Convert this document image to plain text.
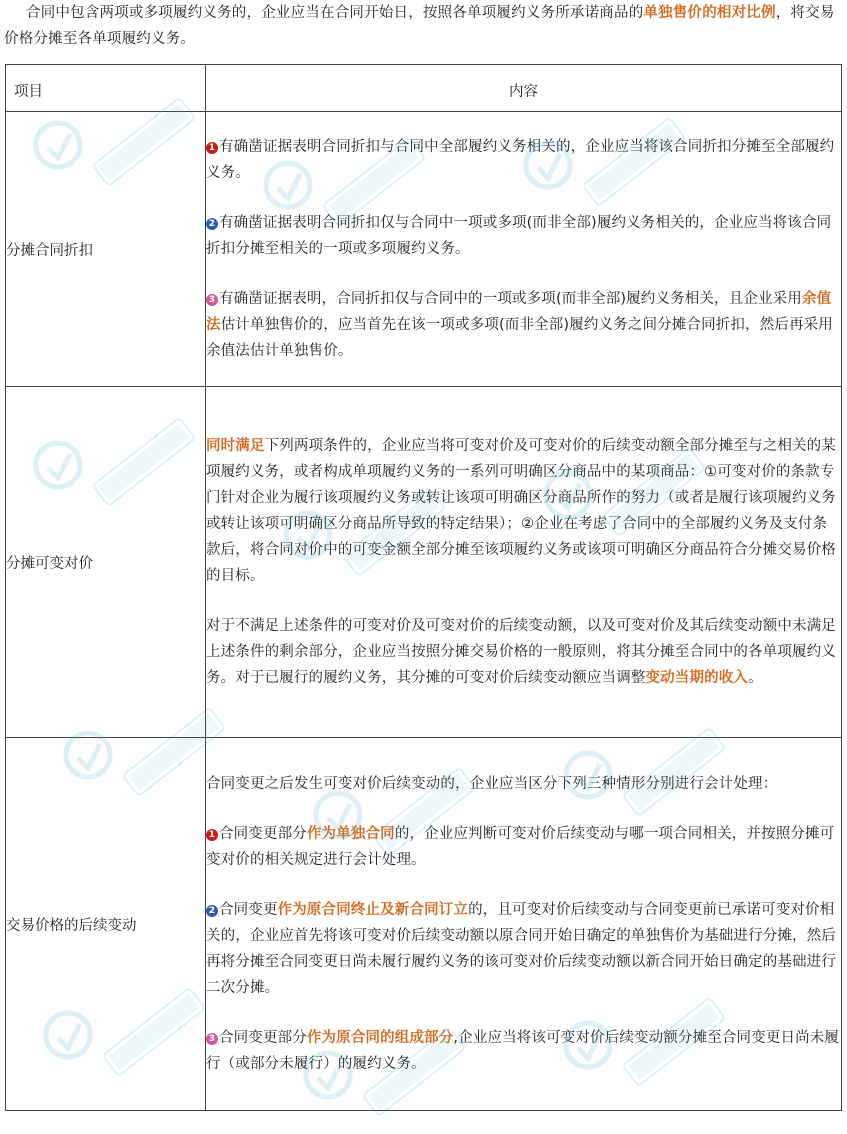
合同中包含两项或多项履约义务的，企业应当在合同开始日，按照各单项履约义务所承诺商品的单独售价的相对比例，将交易价格分摊至各单项履约义务。
项目	内容
分摊合同折扣	1 有确凿证据表明合同折扣与合同中全部履约义务相关的，企业应当将该合同折扣分摊至全部履约义务。

2 有确凿证据表明合同折扣仅与合同中一项或多项(而非全部)履约义务相关的，企业应当将该合同折扣分摊至相关的一项或多项履约义务。

3 有确凿证据表明，合同折扣仅与合同中的一项或多项(而非全部)履约义务相关，且企业采用余值法估计单独售价的，应当首先在该一项或多项(而非全部)履约义务之间分摊合同折扣，然后再采用余值法估计单独售价。

分摊可变对价	同时满足下列两项条件的，企业应当将可变对价及可变对价的后续变动额全部分摊至与之相关的某项履约义务，或者构成单项履约义务的一系列可明确区分商品中的某项商品：①可变对价的条款专门针对企业为履行该项履约义务或转让该项可明确区分商品所作的努力（或者是履行该项履约义务或转让该项可明确区分商品所导致的特定结果）；②企业在考虑了合同中的全部履约义务及支付条款后，将合同对价中的可变金额全部分摊至该项履约义务或该项可明确区分商品符合分摊交易价格的目标。

对于不满足上述条件的可变对价及可变对价的后续变动额，以及可变对价及其后续变动额中未满足上述条件的剩余部分，企业应当按照分摊交易价格的一般原则，将其分摊至合同中的各单项履约义务。对于已履行的履约义务，其分摊的可变对价后续变动额应当调整变动当期的收入。

交易价格的后续变动	合同变更之后发生可变对价后续变动的，企业应当区分下列三种情形分别进行会计处理：

1 合同变更部分作为单独合同的，企业应判断可变对价后续变动与哪一项合同相关，并按照分摊可变对价的相关规定进行会计处理。

2 合同变更作为原合同终止及新合同订立的，且可变对价后续变动与合同变更前已承诺可变对价相关的，企业应首先将该可变对价后续变动额以原合同开始日确定的单独售价为基础进行分摊，然后再将分摊至合同变更日尚未履行履约义务的该可变对价后续变动额以新合同开始日确定的基础进行二次分摊。

3 合同变更部分作为原合同的组成部分,企业应当将该可变对价后续变动额分摊至合同变更日尚未履行（或部分未履行）的履约义务。
